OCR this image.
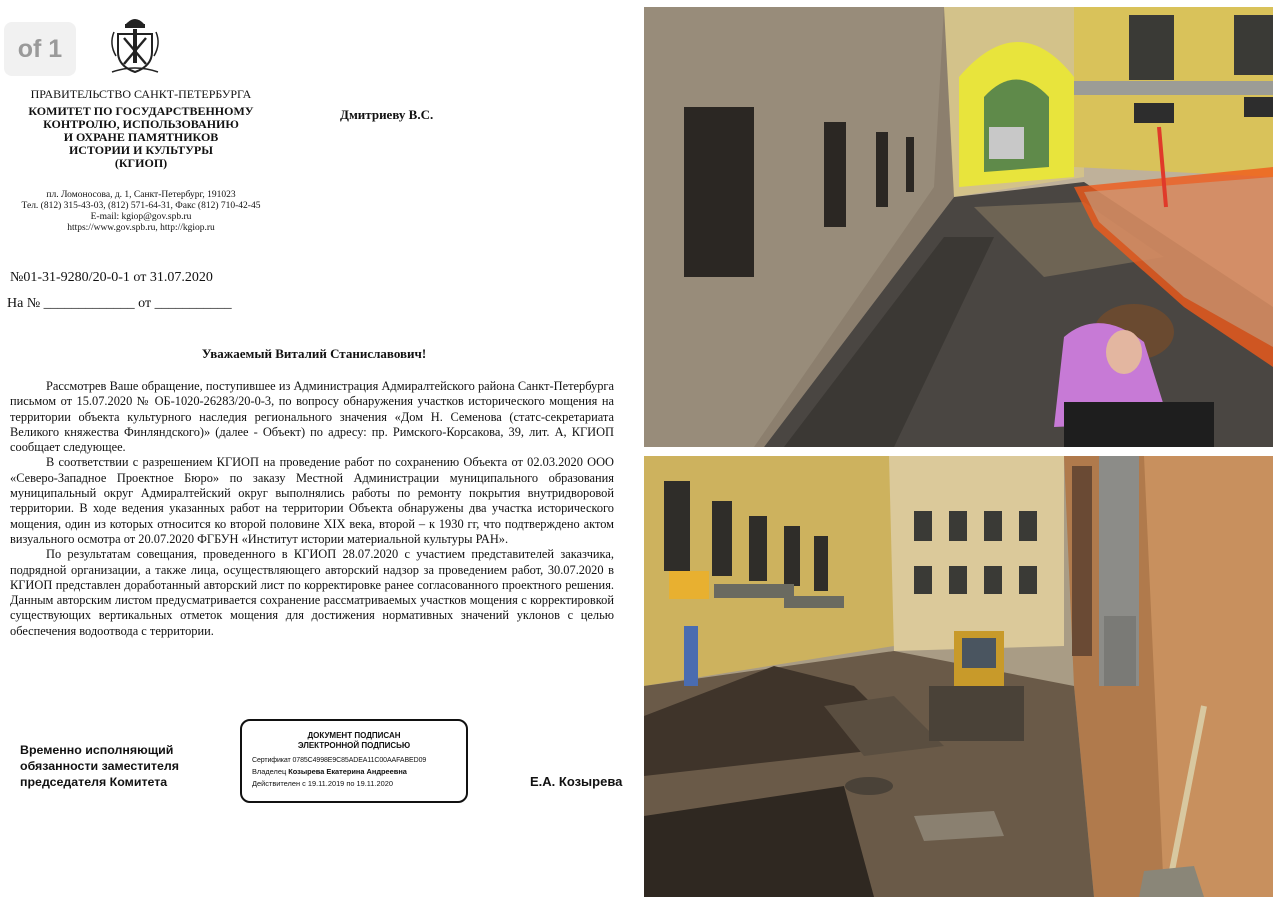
of 1
ПРАВИТЕЛЬСТВО САНКТ-ПЕТЕРБУРГА
КОМИТЕТ ПО ГОСУДАРСТВЕННОМУ
КОНТРОЛЮ, ИСПОЛЬЗОВАНИЮ
И ОХРАНЕ ПАМЯТНИКОВ
ИСТОРИИ И КУЛЬТУРЫ
(КГИОП)
пл. Ломоносова, д. 1, Санкт-Петербург, 191023
Тел. (812) 315-43-03, (812) 571-64-31, Факс (812) 710-42-45
E-mail: kgiop@gov.spb.ru
https://www.gov.spb.ru, http://kgiop.ru
Дмитриеву В.С.
№01-31-9280/20-0-1 от 31.07.2020
На № _____________ от ___________
Уважаемый Виталий Станиславович!

Рассмотрев Ваше обращение, поступившее из Администрация Адмиралтейского района Санкт-Петербурга письмом от 15.07.2020 № ОБ-1020-26283/20-0-3, по вопросу обнаружения участков исторического мощения на территории объекта культурного наследия регионального значения «Дом Н. Семенова (статс-секретариата Великого княжества Финляндского)» (далее - Объект) по адресу: пр. Римского-Корсакова, 39, лит. А, КГИОП сообщает следующее.

В соответствии с разрешением КГИОП на проведение работ по сохранению Объекта от 02.03.2020 ООО «Северо-Западное Проектное Бюро» по заказу Местной Администрации муниципального образования муниципальный округ Адмиралтейский округ выполнялись работы по ремонту покрытия внутридворовой территории. В ходе ведения указанных работ на территории Объекта обнаружены два участка исторического мощения, один из которых относится ко второй половине XIX века, второй – к 1930 гг, что подтверждено актом визуального осмотра от 20.07.2020 ФГБУН «Институт истории материальной культуры РАН».

По результатам совещания, проведенного в КГИОП 28.07.2020 с участием представителей заказчика, подрядной организации, а также лица, осуществляющего авторский надзор за проведением работ, 30.07.2020 в КГИОП представлен доработанный авторский лист по корректировке ранее согласованного проектного решения. Данным авторским листом предусматривается сохранение рассматриваемых участков мощения с корректировкой существующих вертикальных отметок мощения для достижения нормативных значений уклонов с целью обеспечения водоотвода с территории.

Временно исполняющий
обязанности заместителя
председателя Комитета
ДОКУМЕНТ ПОДПИСАН
ЭЛЕКТРОННОЙ ПОДПИСЬЮ
Сертификат 0785C4998E9C85ADEA11C00AAFABED09
Владелец Козырева Екатерина Андреевна
Действителен с 19.11.2019 по 19.11.2020	Е.А. Козырева
